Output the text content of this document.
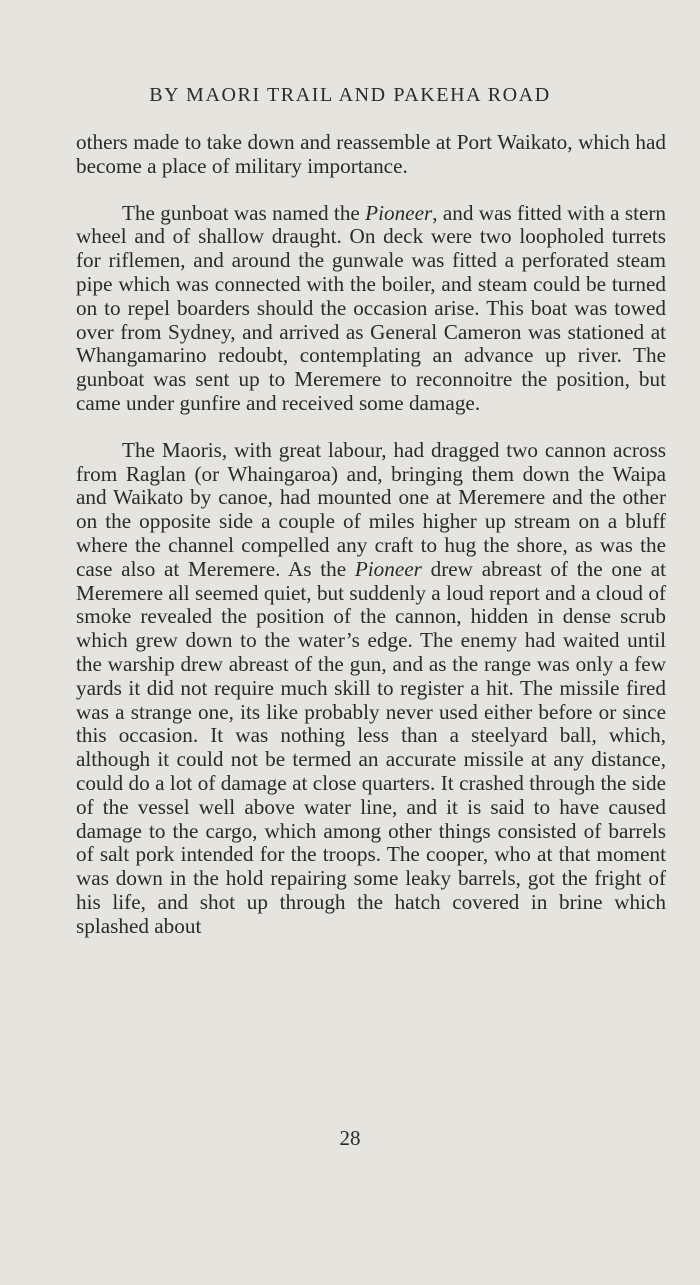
BY MAORI TRAIL AND PAKEHA ROAD

others made to take down and reassemble at Port Waikato, which had become a place of military importance.

The gunboat was named the Pioneer, and was fitted with a stern wheel and of shallow draught. On deck were two loopholed turrets for riflemen, and around the gunwale was fitted a perforated steam pipe which was connected with the boiler, and steam could be turned on to repel boarders should the occasion arise. This boat was towed over from Sydney, and arrived as General Cameron was stationed at Whangamarino redoubt, contemplating an advance up river. The gunboat was sent up to Meremere to reconnoitre the position, but came under gunfire and received some damage.

The Maoris, with great labour, had dragged two cannon across from Raglan (or Whaingaroa) and, bringing them down the Waipa and Waikato by canoe, had mounted one at Meremere and the other on the opposite side a couple of miles higher up stream on a bluff where the channel compelled any craft to hug the shore, as was the case also at Meremere. As the Pioneer drew abreast of the one at Meremere all seemed quiet, but suddenly a loud report and a cloud of smoke revealed the position of the cannon, hidden in dense scrub which grew down to the water’s edge. The enemy had waited until the warship drew abreast of the gun, and as the range was only a few yards it did not require much skill to register a hit. The missile fired was a strange one, its like probably never used either before or since this occasion. It was nothing less than a steelyard ball, which, although it could not be termed an accurate missile at any distance, could do a lot of damage at close quarters. It crashed through the side of the vessel well above water line, and it is said to have caused damage to the cargo, which among other things consisted of barrels of salt pork intended for the troops. The cooper, who at that moment was down in the hold repairing some leaky barrels, got the fright of his life, and shot up through the hatch covered in brine which splashed about

28
